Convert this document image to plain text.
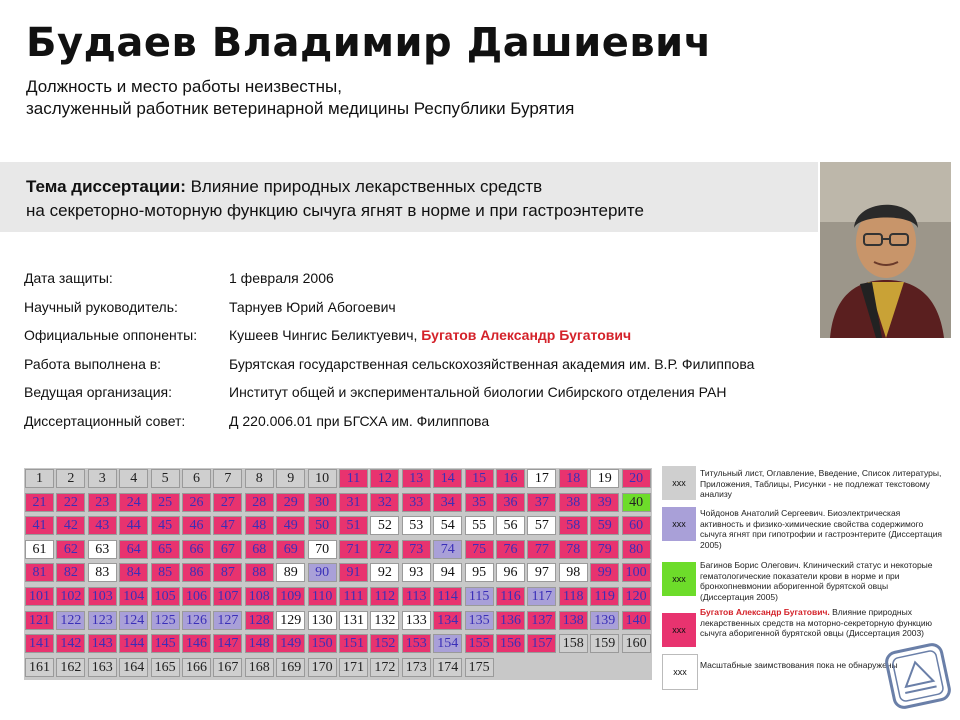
Будаев Владимир Дашиевич
Должность и место работы неизвестны,
заслуженный работник ветеринарной медицины Республики Бурятия
Тема диссертации: Влияние природных лекарственных средств
на секреторно-моторную функцию сычуга ягнят в норме и при гастроэнтерите
Дата защиты:	1 февраля 2006
Научный руководитель:	Тарнуев Юрий Абогоевич
Официальные оппоненты: Кушеев Чингис Беликтуевич, Бугатов Александр Бугатович
Работа выполнена в:	Бурятская государственная сельскохозяйственная академия им. В.Р. Филиппова
Ведущая организация:	Институт общей и экспериментальной биологии Сибирского отделения РАН
Диссертационный совет:	Д 220.006.01 при БГСХА им. Филиппова
1	2	3	4	5	6	7	8	9	10	11	12	13	14	15	16	17	18	19	20
21	22	23	24	25	26	27	28	29	30	31	32	33	34	35	36	37	38	39	40
41	42	43	44	45	46	47	48	49	50	51	52	53	54	55	56	57	58	59	60
61	62	63	64	65	66	67	68	69	70	71	72	73	74	75	76	77	78	79	80
81	82	83	84	85	86	87	88	89	90	91	92	93	94	95	96	97	98	99 100
101 102 103 104 105 106 107 108 109 110 111 112 113 114 115 116 117 118 119 120
121 122 123 124 125 126 127 128 129 130 131 132 133 134 135 136 137 138 139 140
141 142 143 144 145 146 147 148 149 150 151 152 153 154 155 156 157 158 159 160
161 162 163 164 165 166 167 168 169 170 171 172 173 174 175
xxx
Титульный лист, Оглавление, Введение, Список литературы, Приложения, Таблицы, Рисунки - не подлежат текстовому анализу
xxx
Чойдонов Анатолий Сергеевич. Биоэлектрическая активность и физико-химические свойства содержимого сычуга ягнят при гипотрофии и гастроэнтерите (Диссертация 2005)
xxx
Багинов Борис Олегович. Клинический статус и некоторые гематологические показатели крови в норме и при бронхопневмонии аборигенной бурятской овцы (Диссертация 2005)
xxx
Бугатов Александр Бугатович. Влияние природных лекарственных средств на моторно-секреторную функцию сычуга аборигенной бурятской овцы (Диссертация 2003)
xxx
Масштабные заимствования пока не обнаружены
